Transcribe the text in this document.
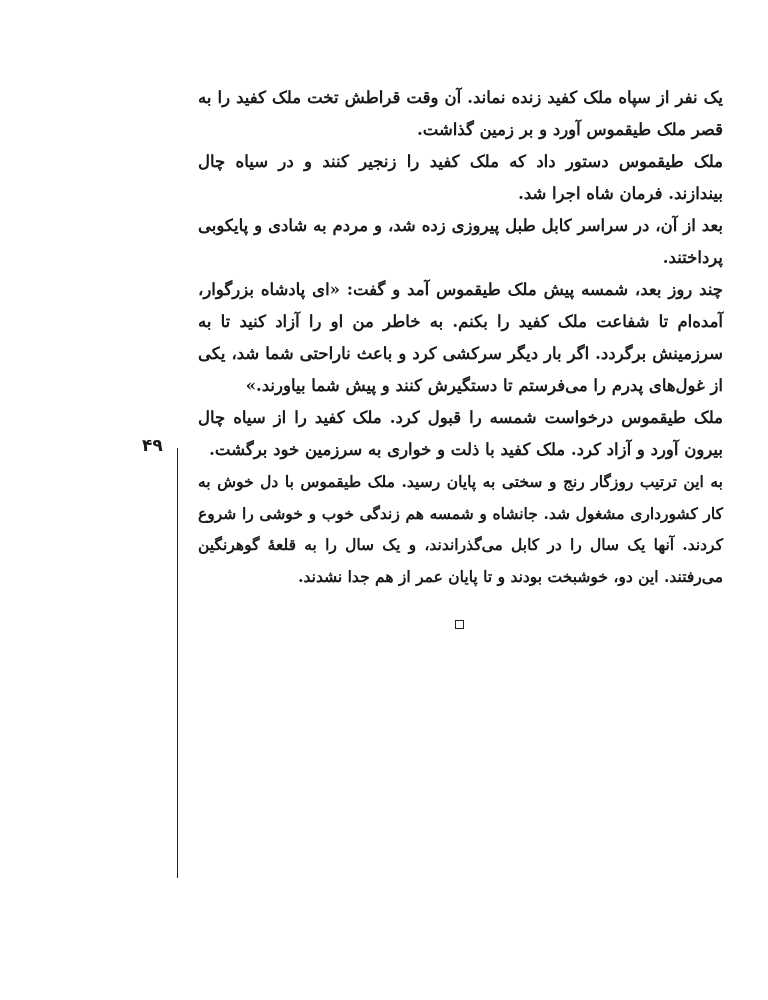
یک نفر از سپاه ملک کفید زنده نماند. آن وقت قراطش تخت ملک کفید را به قصر ملک طیقموس آورد و بر زمین گذاشت.

ملک طیقموس دستور داد که ملک کفید را زنجیر کنند و در سیاه چال بیندازند. فرمان شاه اجرا شد.

بعد از آن، در سراسر کابل طبل پیروزی زده شد، و مردم به شادی و پایکوبی پرداختند.

چند روز بعد، شمسه پیش ملک طیقموس آمد و گفت: «ای پادشاه بزرگوار، آمده‌ام تا شفاعت ملک کفید را بکنم. به خاطر من او را آزاد کنید تا به سرزمینش برگردد. اگر بار دیگر سرکشی کرد و باعث ناراحتی شما شد، یکی از غول‌های پدرم را می‌فرستم تا دستگیرش کنند و پیش شما بیاورند.»

ملک طیقموس درخواست شمسه را قبول کرد. ملک کفید را از سیاه چال بیرون آورد و آزاد کرد. ملک کفید با ذلت و خواری به سرزمین خود برگشت.

به این ترتیب روزگار رنج و سختی به پایان رسید. ملک طیقموس با دل خوش به کار کشورداری مشغول شد. جانشاه و شمسه هم زندگی خوب و خوشی را شروع کردند. آنها یک سال را در کابل می‌گذراندند، و یک سال را به قلعهٔ گوهرنگین می‌رفتند. این دو، خوشبخت بودند و تا پایان عمر از هم جدا نشدند.

۴۹
